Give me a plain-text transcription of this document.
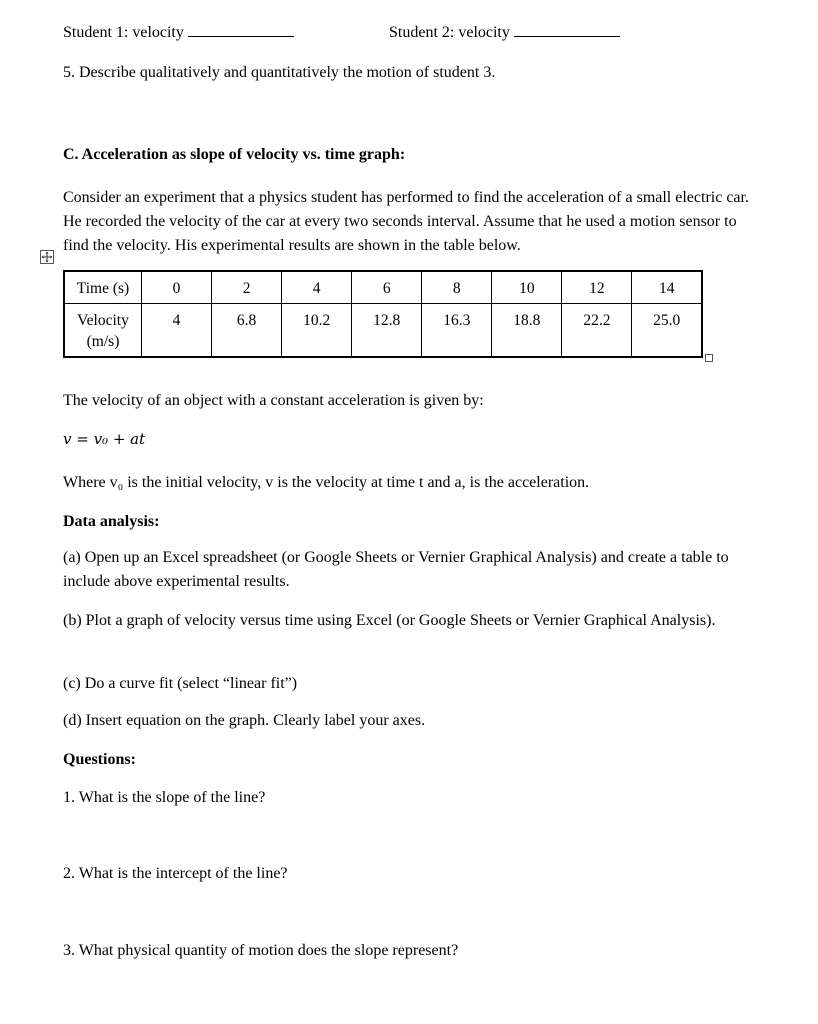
Student 1: velocity	Student 2: velocity
5. Describe qualitatively and quantitatively the motion of student 3.
C. Acceleration as slope of velocity vs. time graph:
Consider an experiment that a physics student has performed to find the acceleration of a small electric car. He recorded the velocity of the car at every two seconds interval. Assume that he used a motion sensor to find the velocity. His experimental results are shown in the table below.
Time (s)	0	2	4	6	8	10	12	14
Velocity (m/s)	4	6.8	10.2	12.8	16.3	18.8	22.2	25.0
The velocity of an object with a constant acceleration is given by:
v = v₀ + at
Where v₀ is the initial velocity, v is the velocity at time t and a, is the acceleration.
Data analysis:
(a) Open up an Excel spreadsheet (or Google Sheets or Vernier Graphical Analysis) and create a table to include above experimental results.
(b) Plot a graph of velocity versus time using Excel (or Google Sheets or Vernier Graphical Analysis).
(c) Do a curve fit (select “linear fit”)
(d) Insert equation on the graph. Clearly label your axes.
Questions:
1. What is the slope of the line?
2. What is the intercept of the line?
3. What physical quantity of motion does the slope represent?
